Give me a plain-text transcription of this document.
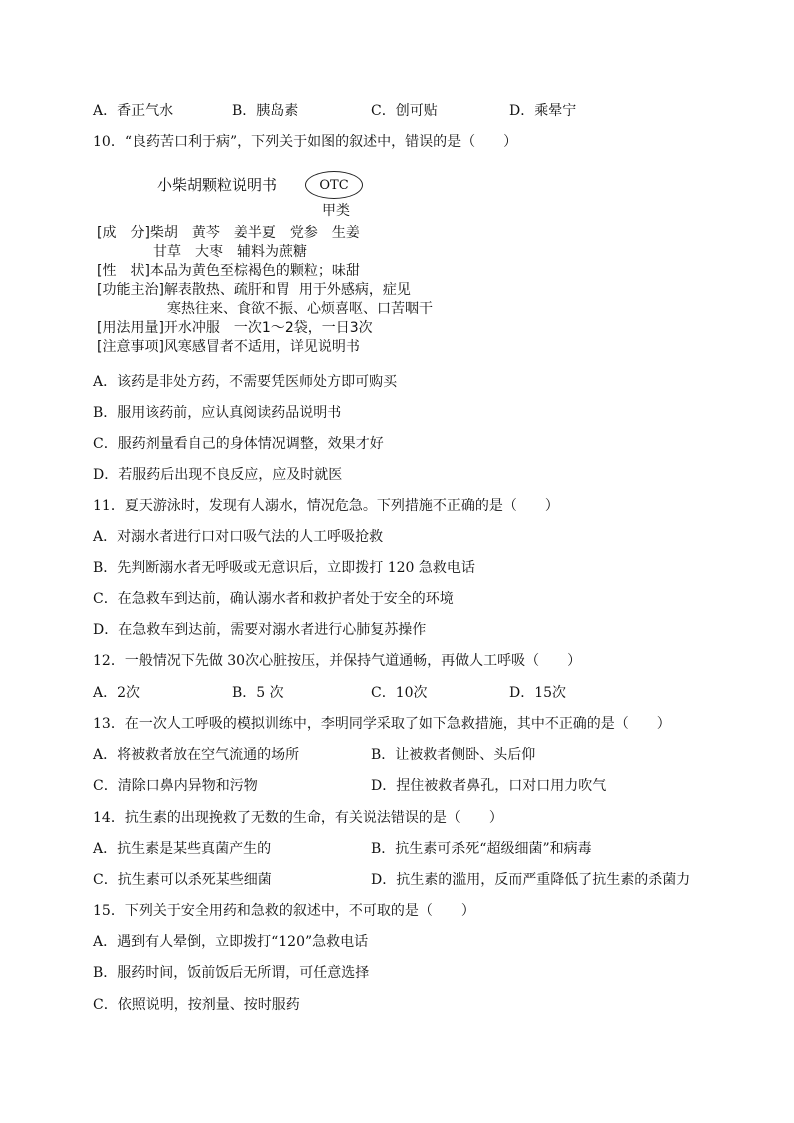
A．香正气水	B．胰岛素	C．创可贴	D．乘晕宁
10．“良药苦口利于病”，下列关于如图的叙述中，错误的是（　　）
小柴胡颗粒说明书	OTC
甲类
[成　分]柴胡　黄芩　姜半夏　党参　生姜
　　　　甘草　大枣　辅料为蔗糖
[性　状]本品为黄色至棕褐色的颗粒；味甜
[功能主治]解表散热、疏肝和胃  用于外感病，症见
　　　　　寒热往来、食欲不振、心烦喜呕、口苦咽干
[用法用量]开水冲服　一次1～2袋，一日3次
[注意事项]风寒感冒者不适用，详见说明书
A．该药是非处方药，不需要凭医师处方即可购买
B．服用该药前，应认真阅读药品说明书
C．服药剂量看自己的身体情况调整，效果才好
D．若服药后出现不良反应，应及时就医
11．夏天游泳时，发现有人溺水，情况危急。下列措施不正确的是（　　）
A．对溺水者进行口对口吸气法的人工呼吸抢救
B．先判断溺水者无呼吸或无意识后，立即拨打 120 急救电话
C．在急救车到达前，确认溺水者和救护者处于安全的环境
D．在急救车到达前，需要对溺水者进行心肺复苏操作
12．一般情况下先做 30次心脏按压，并保持气道通畅，再做人工呼吸（　　）
A．2次	B．5 次	C．10次	D．15次
13．在一次人工呼吸的模拟训练中，李明同学采取了如下急救措施，其中不正确的是（　　）
A．将被救者放在空气流通的场所	B．让被救者侧卧、头后仰
C．清除口鼻内异物和污物	D．捏住被救者鼻孔，口对口用力吹气
14．抗生素的出现挽救了无数的生命，有关说法错误的是（　　）
A．抗生素是某些真菌产生的	B．抗生素可杀死“超级细菌”和病毒
C．抗生素可以杀死某些细菌	D．抗生素的滥用，反而严重降低了抗生素的杀菌力
15．下列关于安全用药和急救的叙述中，不可取的是（　　）
A．遇到有人晕倒，立即拨打“120”急救电话
B．服药时间，饭前饭后无所谓，可任意选择
C．依照说明，按剂量、按时服药
